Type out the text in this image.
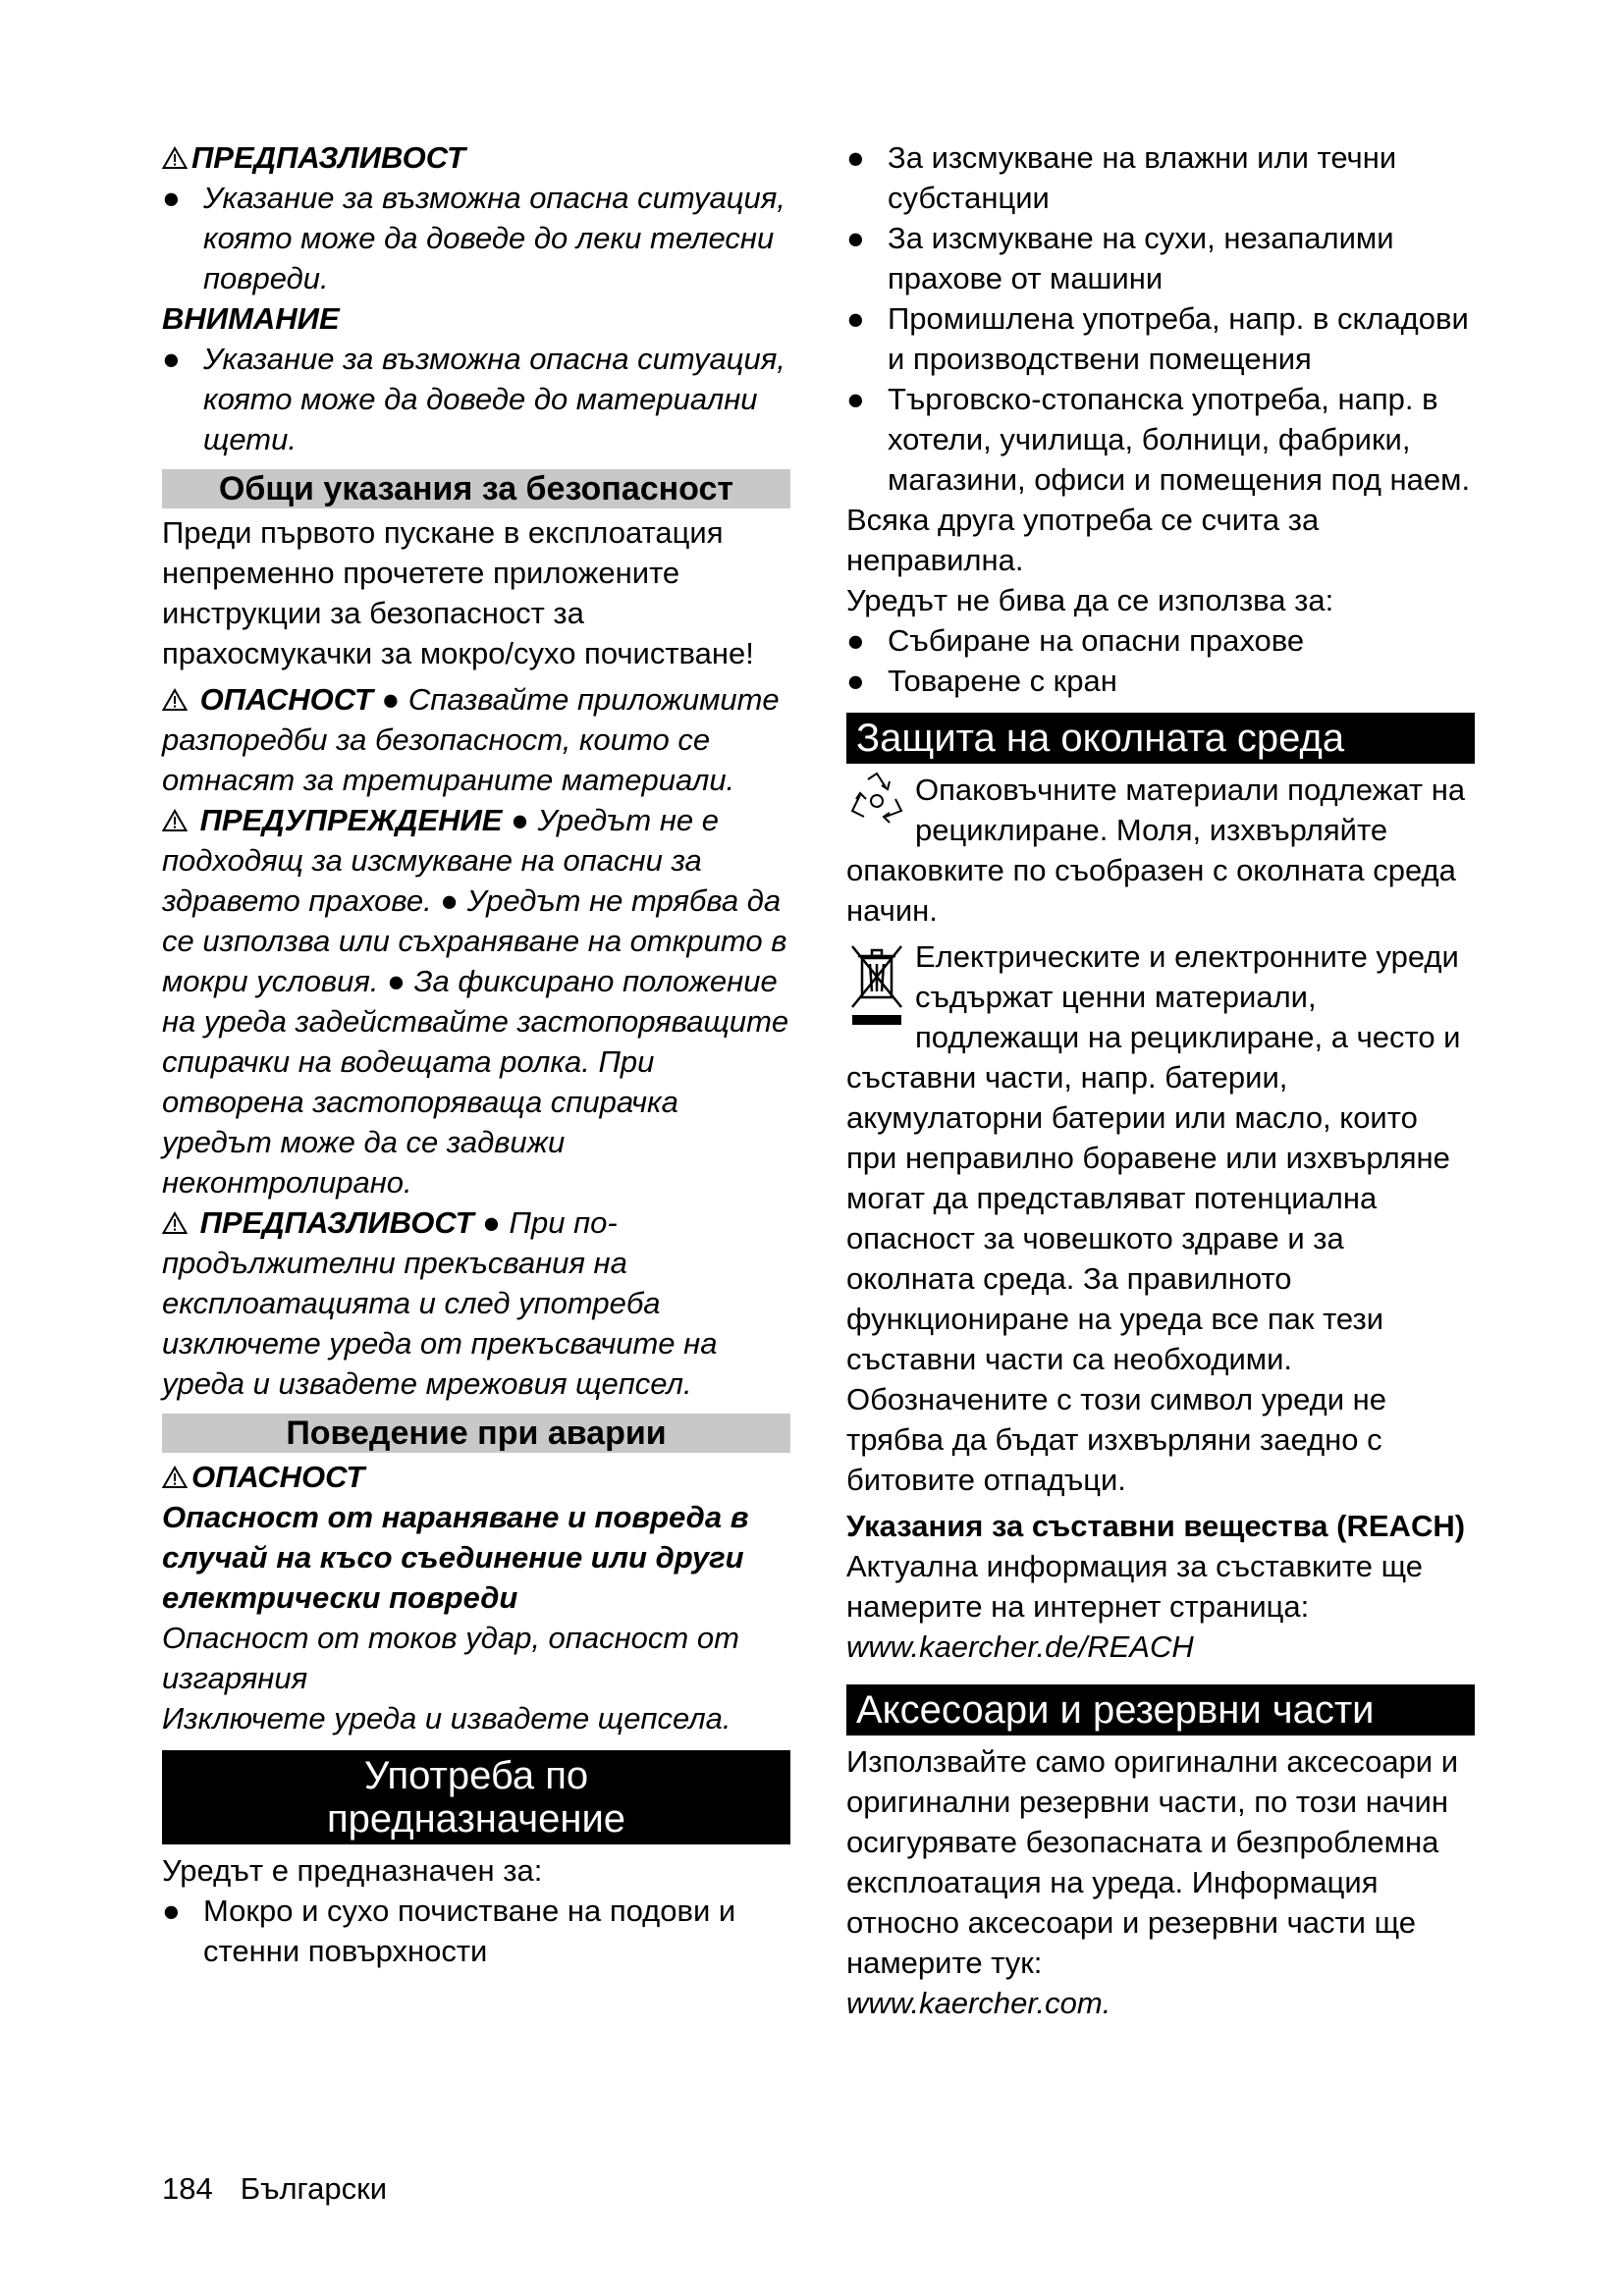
ПРЕДПАЗЛИВОСТ

● Указание за възможна опасна ситуация, която може да доведе до леки телесни повреди.

ВНИМАНИЕ

● Указание за възможна опасна ситуация, която може да доведе до материални щети.

Общи указания за безопасност

Преди първото пускане в експлоатация непременно прочетете приложените инструкции за безопасност за прахосмукачки за мокро/сухо почистване!

ОПАСНОСТ ● Спазвайте приложимите разпоредби за безопасност, които се отнасят за третираните материали.

ПРЕДУПРЕЖДЕНИЕ ● Уредът не е подходящ за изсмукване на опасни за здравето прахове. ● Уредът не трябва да се използва или съхраняване на открито в мокри условия. ● За фиксирано положение на уреда задействайте застопоряващите спирачки на водещата ролка. При отворена застопоряваща спирачка уредът може да се задвижи неконтролирано.

ПРЕДПАЗЛИВОСТ ● При по-продължителни прекъсвания на експлоатацията и след употреба изключете уреда от прекъсвачите на уреда и извадете мрежовия щепсел.

Поведение при аварии

ОПАСНОСТ

Опасност от нараняване и повреда в случай на късо съединение или други електрически повреди

Опасност от токов удар, опасност от изгаряния

Изключете уреда и извадете щепсела.

Употреба по
предназначение

Уредът е предназначен за:

● Мокро и сухо почистване на подови и стенни повърхности

● За изсмукване на влажни или течни субстанции

● За изсмукване на сухи, незапалими прахове от машини

● Промишлена употреба, напр. в складови и производствени помещения

● Търговско-стопанска употреба, напр. в хотели, училища, болници, фабрики, магазини, офиси и помещения под наем.

Всяка друга употреба се счита за неправилна.

Уредът не бива да се използва за:

● Събиране на опасни прахове

● Товарене с кран

Защита на околната среда

Опаковъчните материали подлежат на рециклиране. Моля, изхвърляйте опаковките по съобразен с околната среда начин.

Електрическите и електронните уреди съдържат ценни материали, подлежащи на рециклиране, а често и съставни части, напр. батерии, акумулаторни батерии или масло, които при неправилно боравене или изхвърляне могат да представляват потенциална опасност за човешкото здраве и за околната среда. За правилното функциониране на уреда все пак тези съставни части са необходими. Обозначените с този символ уреди не трябва да бъдат изхвърляни заедно с битовите отпадъци.

Указания за съставни вещества (REACH)

Актуална информация за съставките ще намерите на интернет страница:

www.kaercher.de/REACH

Аксесоари и резервни части

Използвайте само оригинални аксесоари и оригинални резервни части, по този начин осигурявате безопасната и безпроблемна експлоатация на уреда. Информация относно аксесоари и резервни части ще намерите тук:

www.kaercher.com.

184 Български
